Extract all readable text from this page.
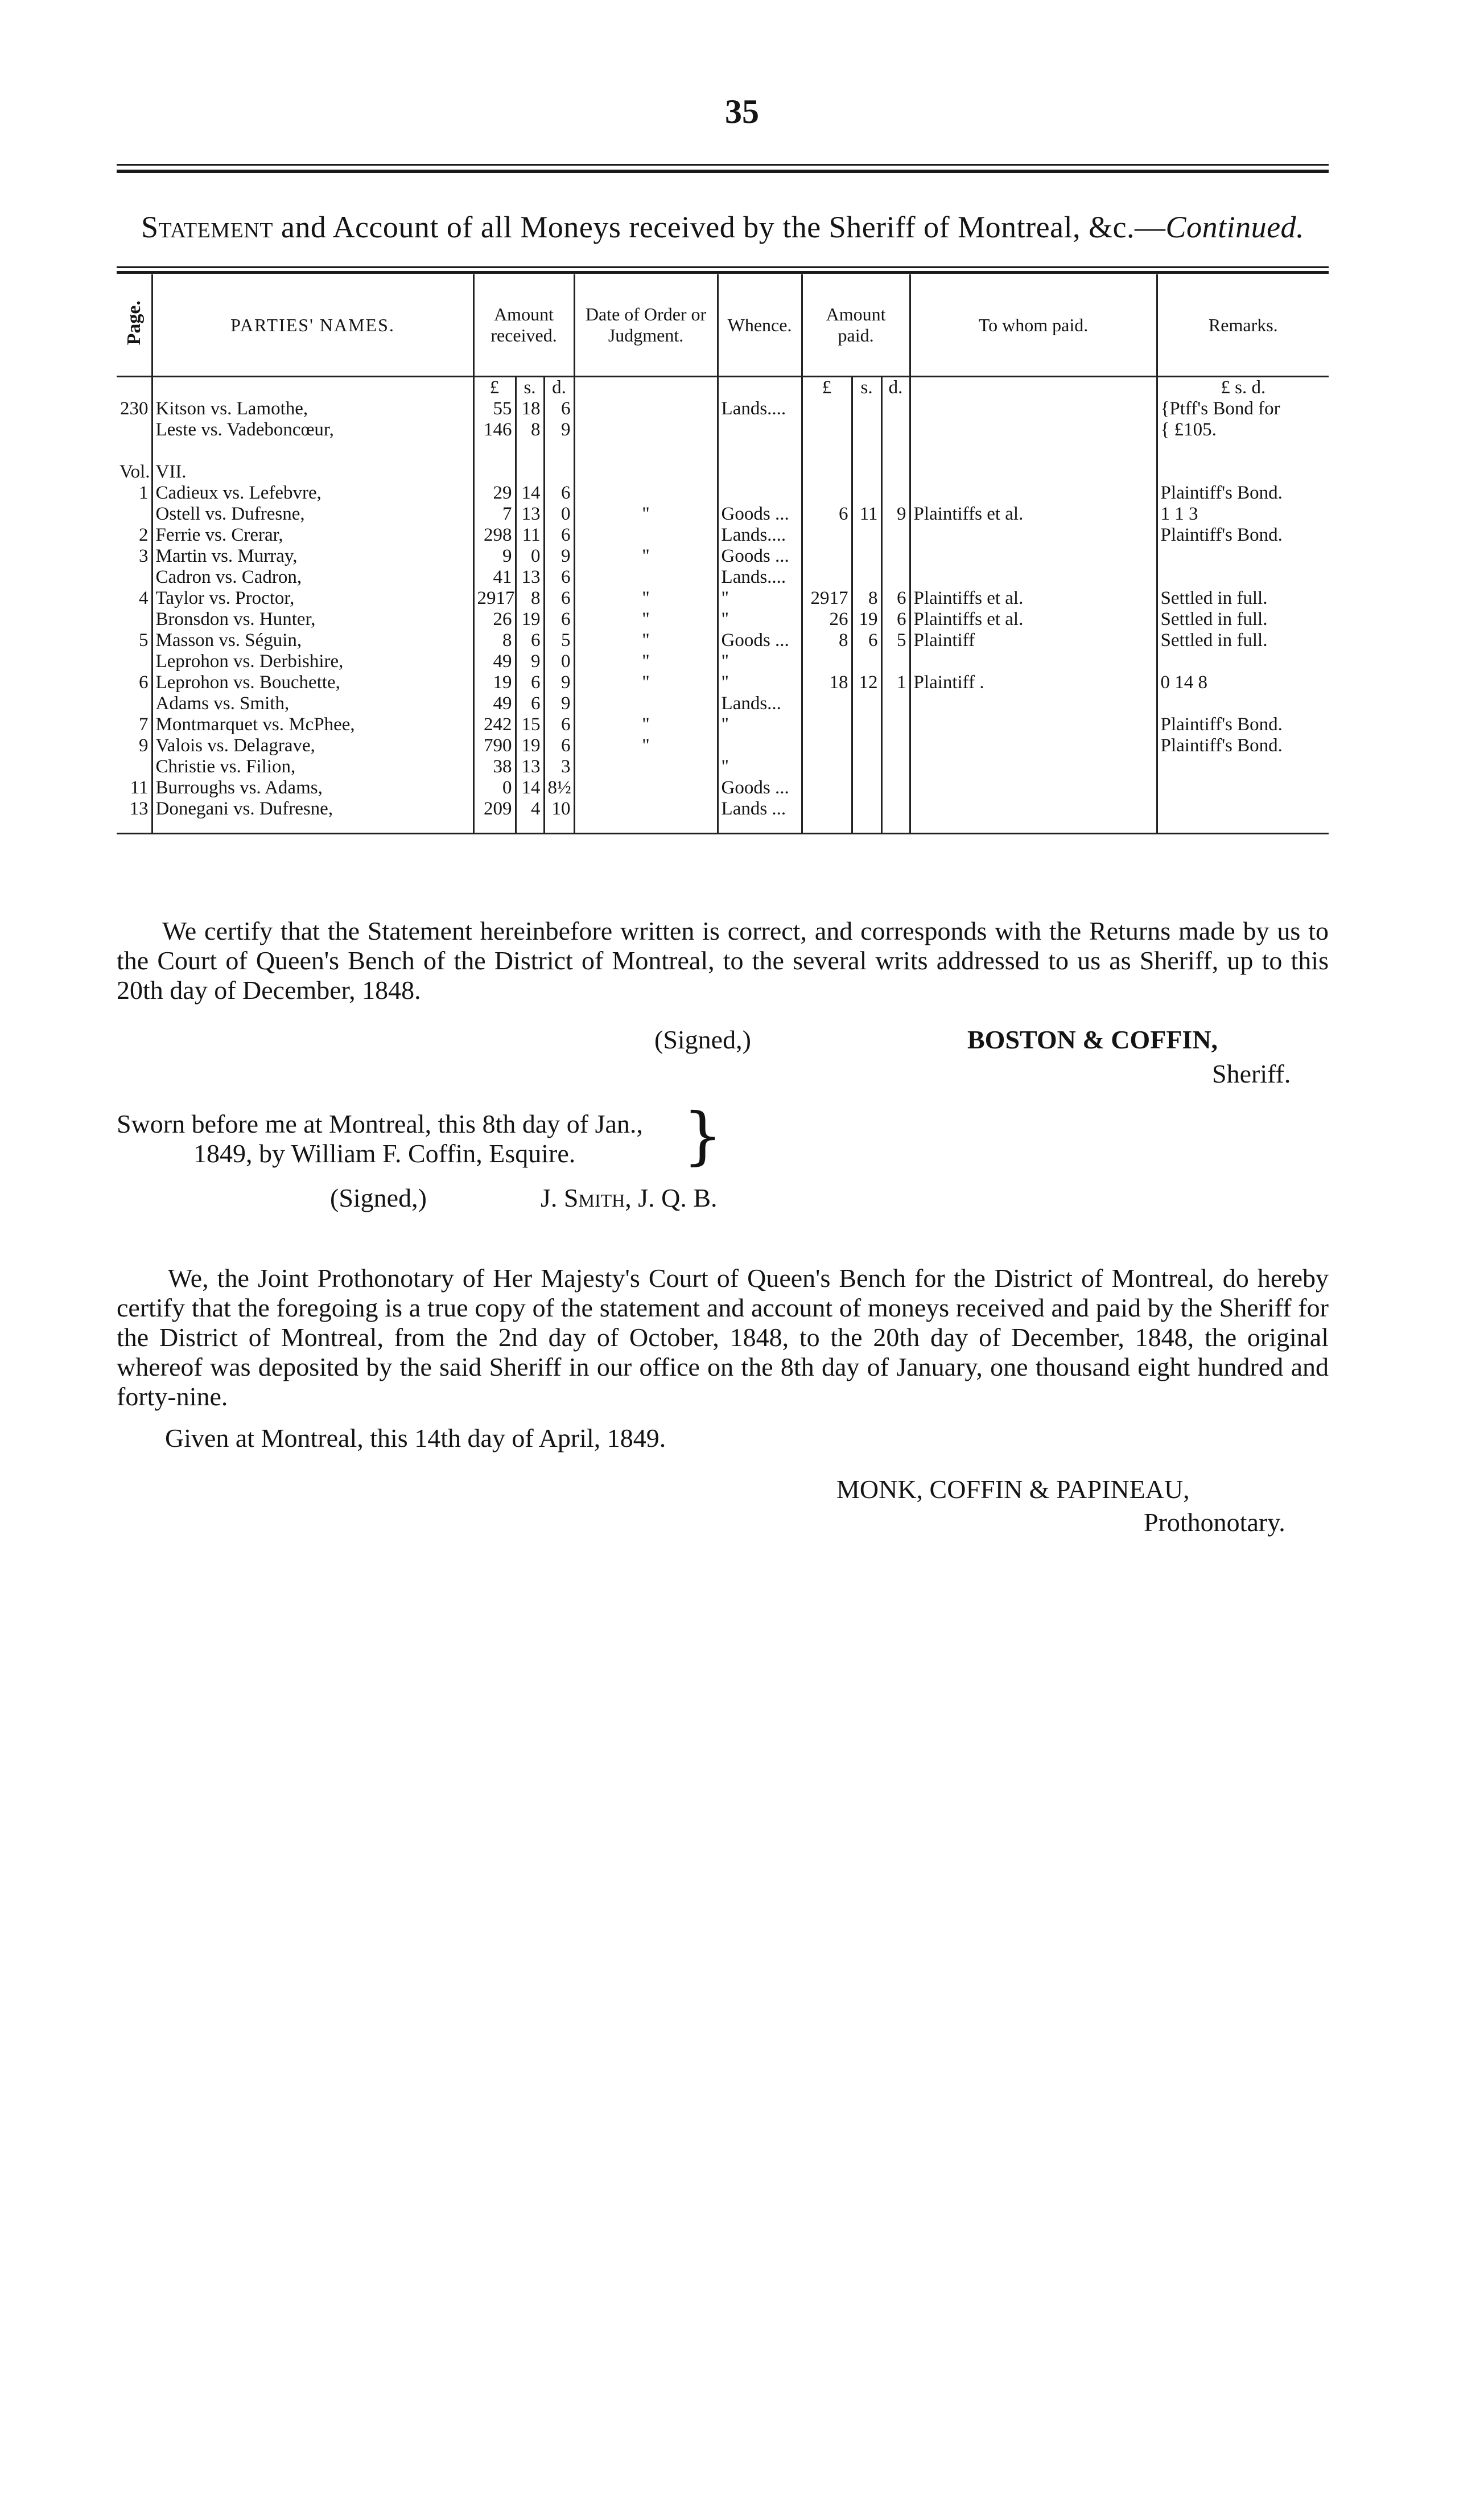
35
Statement and Account of all Moneys received by the Sheriff of Montreal, &c.—Continued.
Page.	PARTIES' NAMES.	Amount received.			Date of Order or Judgment.	Whence.	Amount paid.			To whom paid.	Remarks.
		£	s.	d.			£	s.	d.		£ s. d.
230	Kitson vs. Lamothe,	55	18	6		Lands....					{Ptff's Bond for
	Leste vs. Vadeboncœur,	146	8	9							{ £105.

Vol.	VII.										
1	Cadieux vs. Lefebvre,	29	14	6							Plaintiff's Bond.
	Ostell vs. Dufresne,	7	13	0	"	Goods ...	6	11	9	Plaintiffs et al.	1 1 3
2	Ferrie vs. Crerar,	298	11	6		Lands....					Plaintiff's Bond.
3	Martin vs. Murray,	9	0	9	"	Goods ...					
	Cadron vs. Cadron,	41	13	6		Lands....					
4	Taylor vs. Proctor,	2917	8	6	"	"	2917	8	6	Plaintiffs et al.	Settled in full.
	Bronsdon vs. Hunter,	26	19	6	"	"	26	19	6	Plaintiffs et al.	Settled in full.
5	Masson vs. Séguin,	8	6	5	"	Goods ...	8	6	5	Plaintiff	Settled in full.
	Leprohon vs. Derbishire,	49	9	0	"	"					
6	Leprohon vs. Bouchette,	19	6	9	"	"	18	12	1	Plaintiff .	0 14 8
	Adams vs. Smith,	49	6	9		Lands...					
7	Montmarquet vs. McPhee,	242	15	6	"	"					Plaintiff's Bond.
9	Valois vs. Delagrave,	790	19	6	"						Plaintiff's Bond.
	Christie vs. Filion,	38	13	3		"					
11	Burroughs vs. Adams,	0	14	8½		Goods ...					
13	Donegani vs. Dufresne,	209	4	10		Lands ...					
We certify that the Statement hereinbefore written is correct, and corresponds with the Returns made by us to the Court of Queen's Bench of the District of Montreal, to the several writs addressed to us as Sheriff, up to this 20th day of December, 1848.
(Signed,)	BOSTON & COFFIN,
Sheriff.
Sworn before me at Montreal, this 8th day of Jan.,
1849, by William F. Coffin, Esquire. }
(Signed,)	J. Smith, J. Q. B.
We, the Joint Prothonotary of Her Majesty's Court of Queen's Bench for the District of Montreal, do hereby certify that the foregoing is a true copy of the statement and account of moneys received and paid by the Sheriff for the District of Montreal, from the 2nd day of October, 1848, to the 20th day of December, 1848, the original whereof was deposited by the said Sheriff in our office on the 8th day of January, one thousand eight hundred and forty-nine.
Given at Montreal, this 14th day of April, 1849.
MONK, COFFIN & PAPINEAU,
Prothonotary.
